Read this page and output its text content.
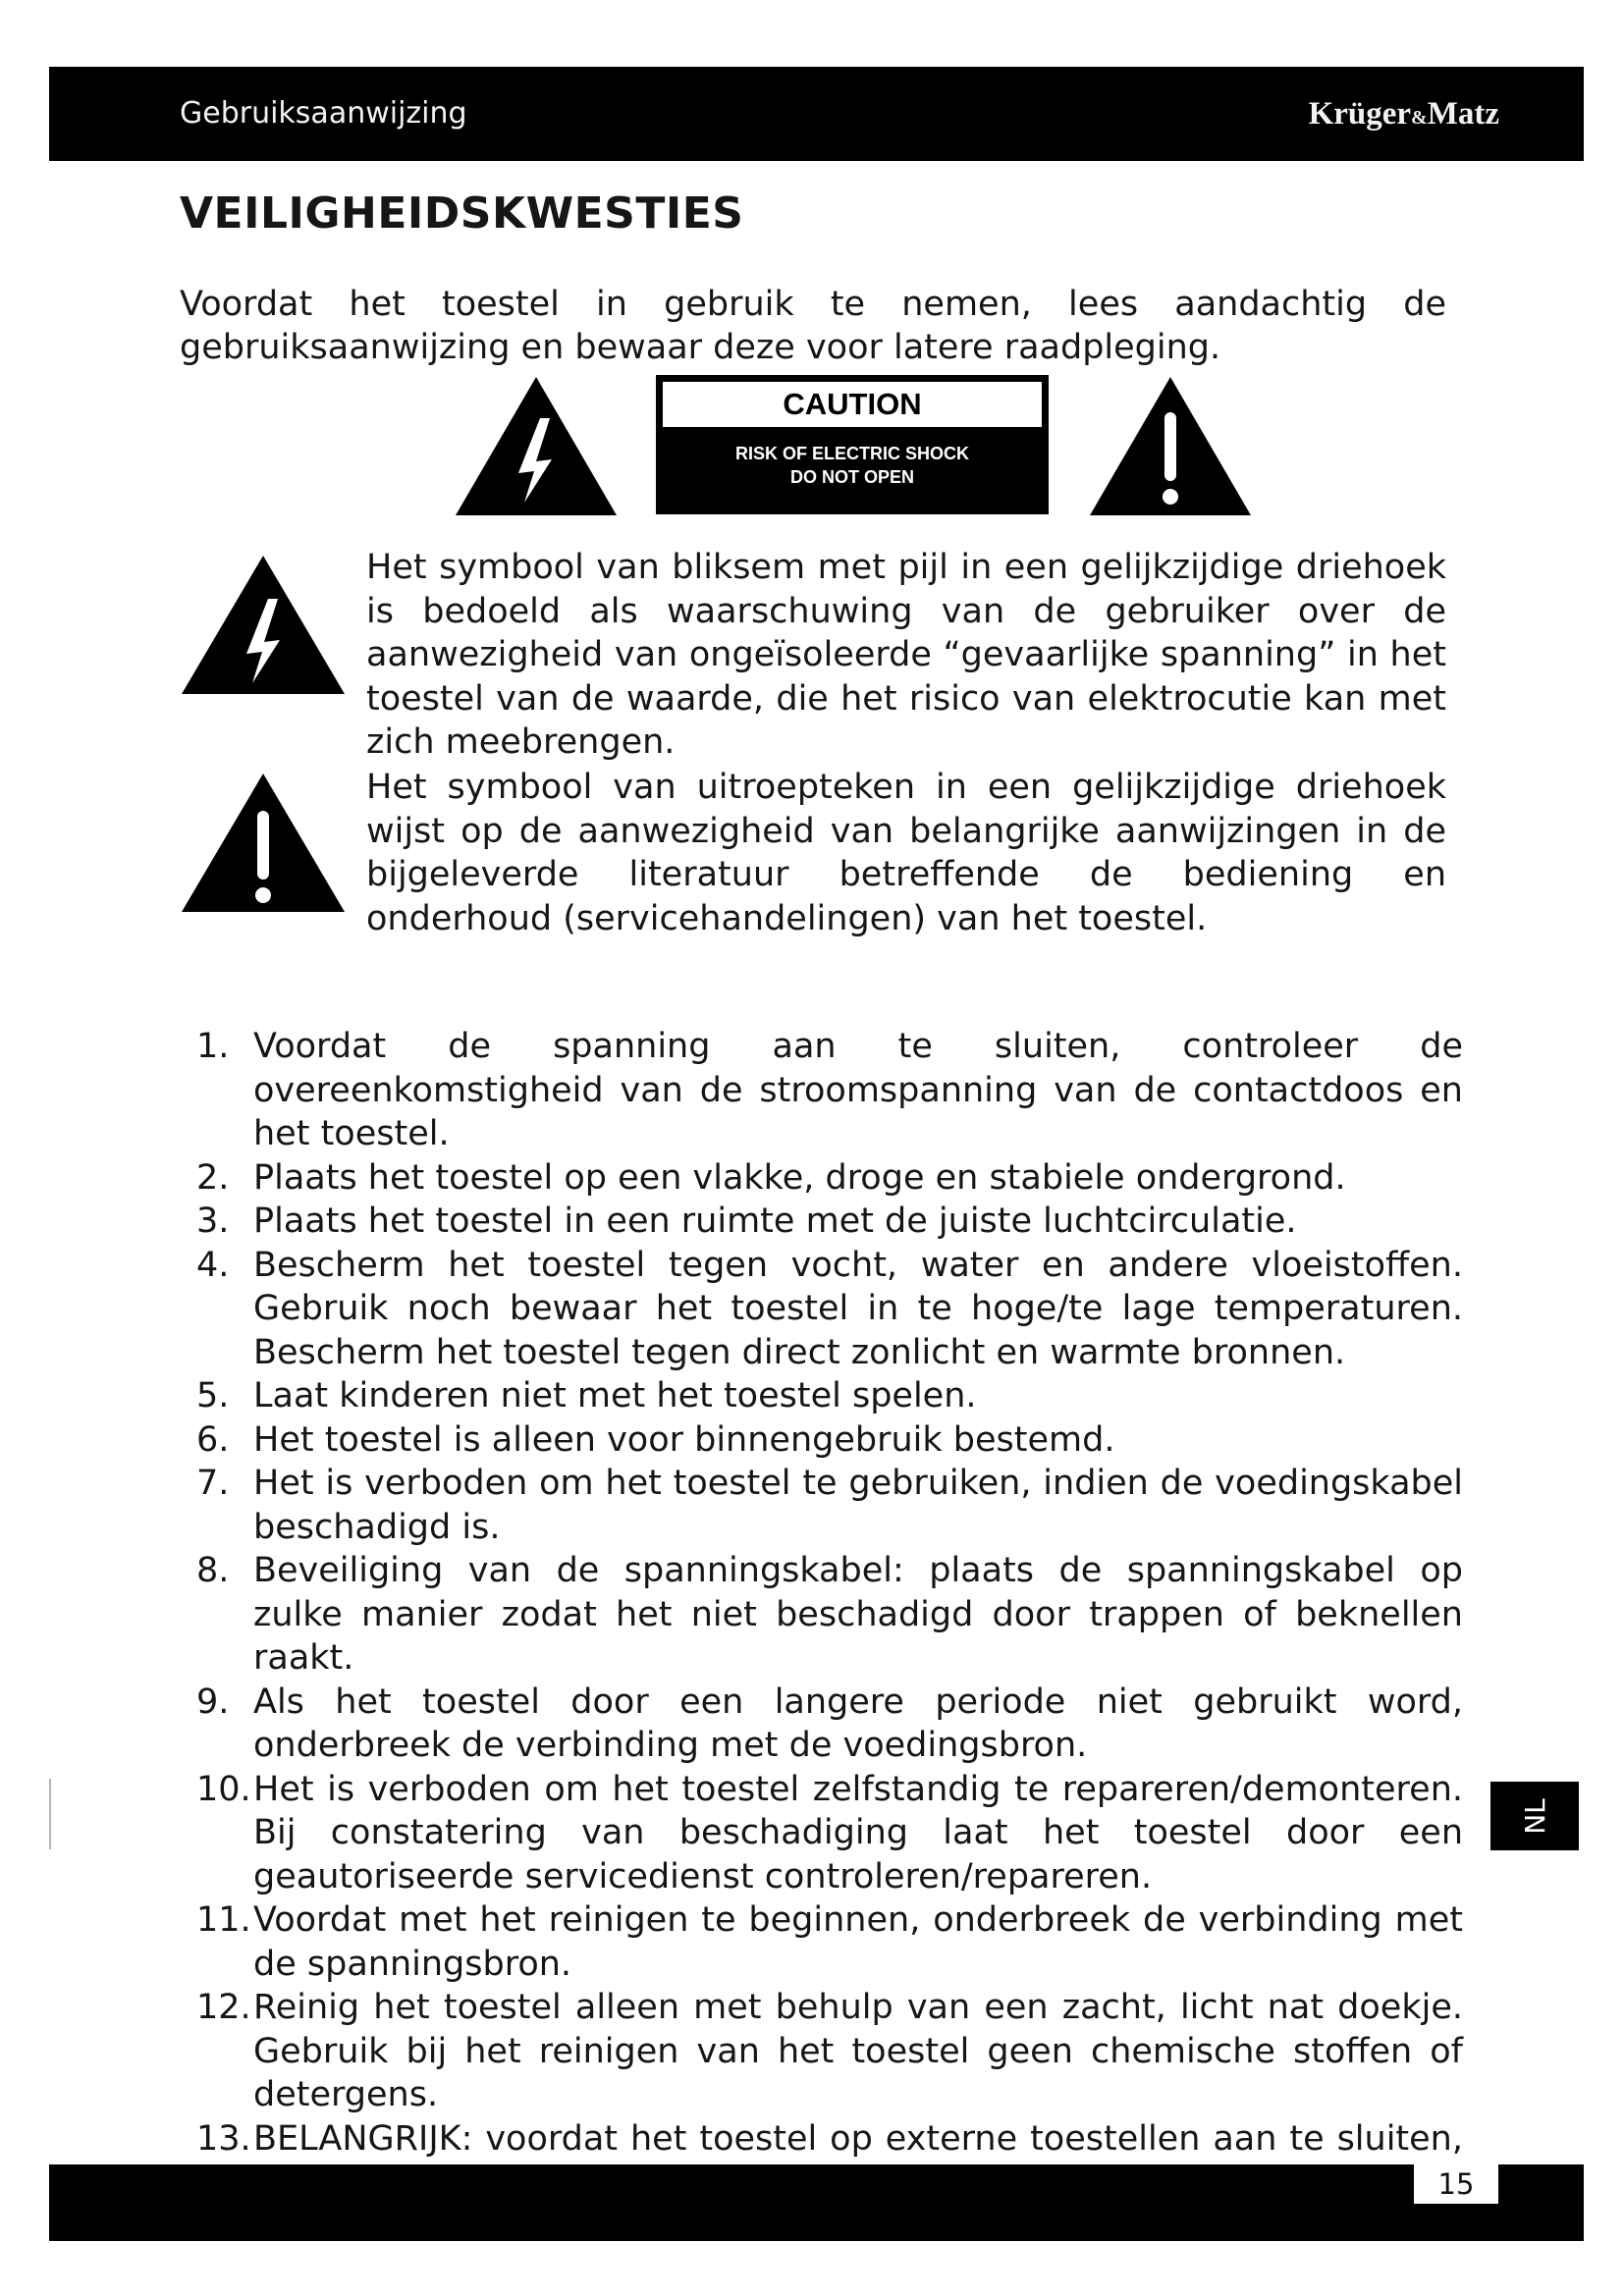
Gebruiksaanwijzing	Krüger&Matz
VEILIGHEIDSKWESTIES

Voordat het toestel in gebruik te nemen, lees aandachtig de gebruiksaanwijzing en bewaar deze voor latere raadpleging.

CAUTION
RISK OF ELECTRIC SHOCK
DO NOT OPEN

Het symbool van bliksem met pijl in een gelijkzijdige driehoek is bedoeld als waarschuwing van de gebruiker over de aanwezigheid van ongeïsoleerde “gevaarlijke spanning” in het toestel van de waarde, die het risico van elektrocutie kan met zich meebrengen.

Het symbool van uitroepteken in een gelijkzijdige driehoek wijst op de aanwezigheid van belangrijke aanwijzingen in de bijgeleverde literatuur betreffende de bediening en onderhoud (servicehandelingen) van het toestel.

1. Voordat de spanning aan te sluiten, controleer de overeenkomstigheid van de stroomspanning van de contactdoos en het toestel.
2. Plaats het toestel op een vlakke, droge en stabiele ondergrond.
3. Plaats het toestel in een ruimte met de juiste luchtcirculatie.
4. Bescherm het toestel tegen vocht, water en andere vloeistoffen. Gebruik noch bewaar het toestel in te hoge/te lage temperaturen. Bescherm het toestel tegen direct zonlicht en warmte bronnen.
5. Laat kinderen niet met het toestel spelen.
6. Het toestel is alleen voor binnengebruik bestemd.
7. Het is verboden om het toestel te gebruiken, indien de voedingskabel beschadigd is.
8. Beveiliging van de spanningskabel: plaats de spanningskabel op zulke manier zodat het niet beschadigd door trappen of beknellen raakt.
9. Als het toestel door een langere periode niet gebruikt word, onderbreek de verbinding met de voedingsbron.
10. Het is verboden om het toestel zelfstandig te repareren/demonteren. Bij constatering van beschadiging laat het toestel door een geautoriseerde servicedienst controleren/repareren.
11. Voordat met het reinigen te beginnen, onderbreek de verbinding met de spanningsbron.
12. Reinig het toestel alleen met behulp van een zacht, licht nat doekje. Gebruik bij het reinigen van het toestel geen chemische stoffen of detergens.
13. BELANGRIJK: voordat het toestel op externe toestellen aan te sluiten,
NL
15
